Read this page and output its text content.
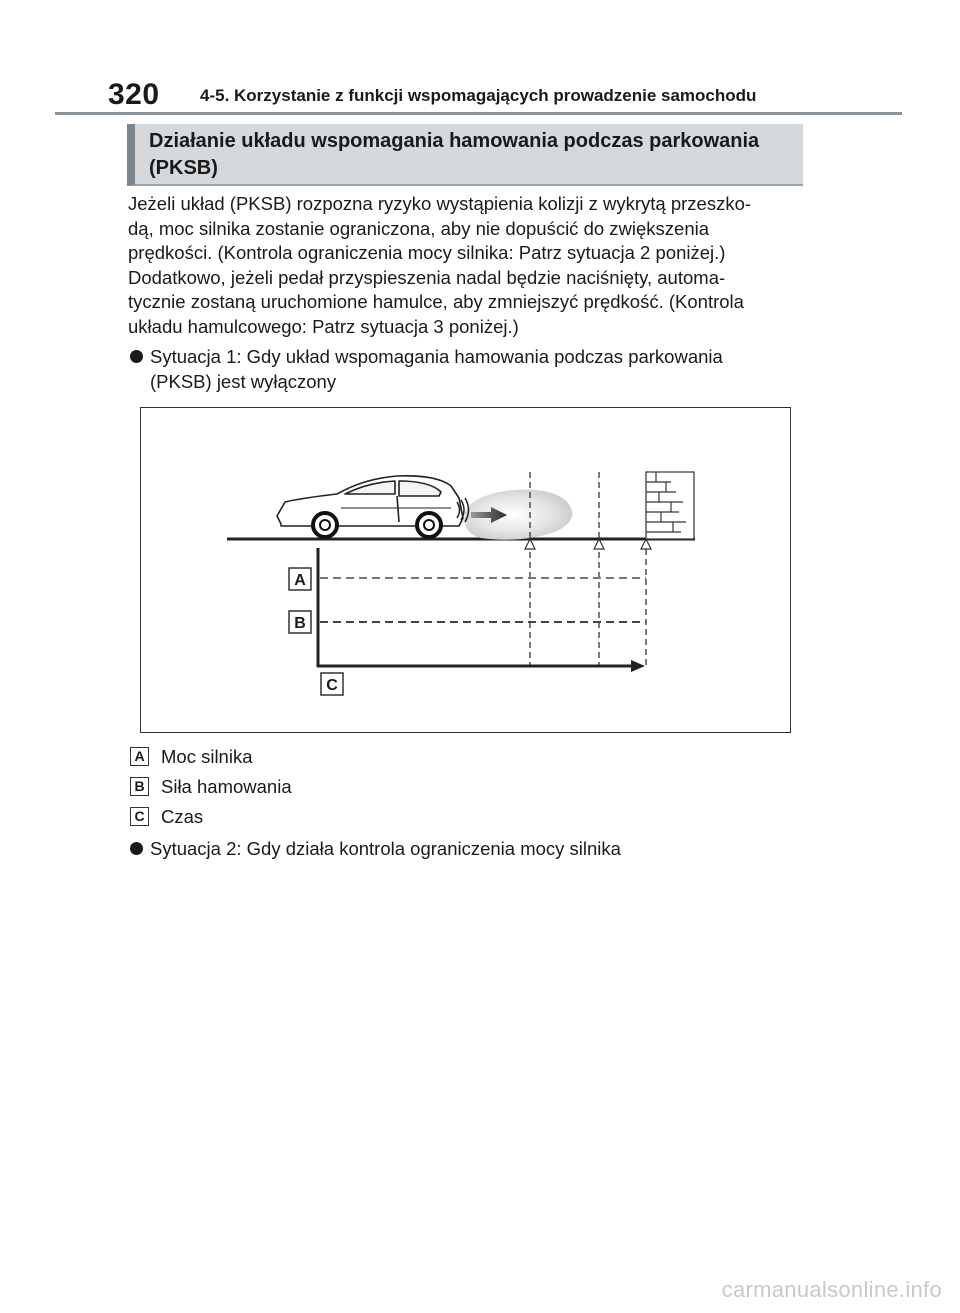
320 4-5. Korzystanie z funkcji wspomagających prowadzenie samochodu
Działanie układu wspomagania hamowania podczas parkowania
(PKSB)

Jeżeli układ (PKSB) rozpozna ryzyko wystąpienia kolizji z wykrytą przeszko-

dą, moc silnika zostanie ograniczona, aby nie dopuścić do zwiększenia

prędkości. (Kontrola ograniczenia mocy silnika: Patrz sytuacja 2 poniżej.)

Dodatkowo, jeżeli pedał przyspieszenia nadal będzie naciśnięty, automa-

tycznie zostaną uruchomione hamulce, aby zmniejszyć prędkość. (Kontrola

układu hamulcowego: Patrz sytuacja 3 poniżej.)

Sytuacja 1: Gdy układ wspomagania hamowania podczas parkowania
(PKSB) jest wyłączony
A
B
C
A Moc silnika
B Siła hamowania
C Czas
Sytuacja 2: Gdy działa kontrola ograniczenia mocy silnika
carmanualsonline.info
